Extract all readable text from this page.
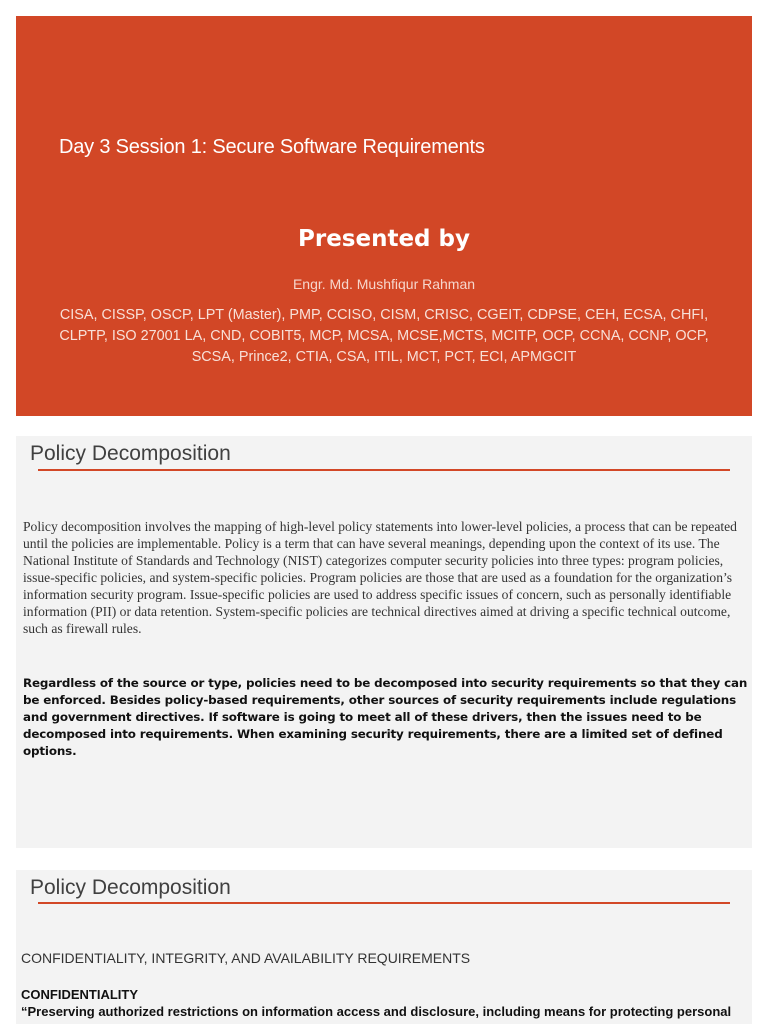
Day 3 Session 1: Secure Software Requirements
Presented by
Engr. Md. Mushfiqur Rahman
CISA, CISSP, OSCP, LPT (Master), PMP, CCISO, CISM, CRISC, CGEIT, CDPSE, CEH, ECSA, CHFI, CLPTP, ISO 27001 LA, CND, COBIT5, MCP, MCSA, MCSE,MCTS, MCITP, OCP, CCNA, CCNP, OCP, SCSA, Prince2, CTIA, CSA, ITIL, MCT, PCT, ECI, APMGCIT
Policy Decomposition
Policy decomposition involves the mapping of high-level policy statements into lower-level policies, a process that can be repeated until the policies are implementable. Policy is a term that can have several meanings, depending upon the context of its use. The National Institute of Standards and Technology (NIST) categorizes computer security policies into three types: program policies, issue-specific policies, and system-specific policies. Program policies are those that are used as a foundation for the organization’s information security program. Issue-specific policies are used to address specific issues of concern, such as personally identifiable information (PII) or data retention. System-specific policies are technical directives aimed at driving a specific technical outcome, such as firewall rules.
Regardless of the source or type, policies need to be decomposed into security requirements so that they can be enforced. Besides policy-based requirements, other sources of security requirements include regulations and government directives. If software is going to meet all of these drivers, then the issues need to be decomposed into requirements. When examining security requirements, there are a limited set of defined options.
Policy Decomposition
CONFIDENTIALITY, INTEGRITY, AND AVAILABILITY REQUIREMENTS
CONFIDENTIALITY
“Preserving authorized restrictions on information access and disclosure, including means for protecting personal
